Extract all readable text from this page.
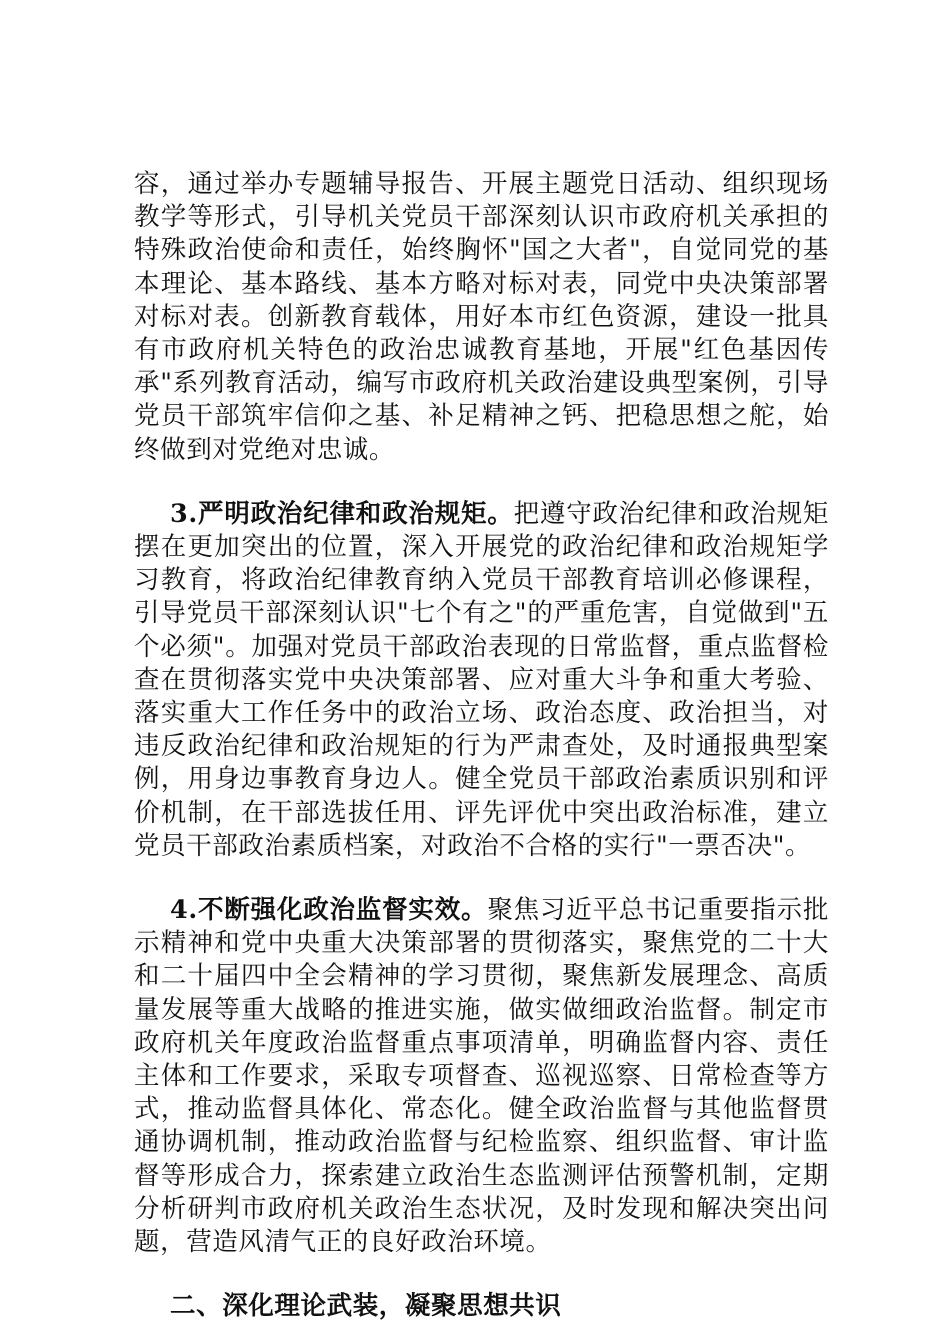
容，通过举办专题辅导报告、开展主题党日活动、组织现场教学等形式，引导机关党员干部深刻认识市政府机关承担的特殊政治使命和责任，始终胸怀"国之大者"，自觉同党的基本理论、基本路线、基本方略对标对表，同党中央决策部署对标对表。创新教育载体，用好本市红色资源，建设一批具有市政府机关特色的政治忠诚教育基地，开展"红色基因传承"系列教育活动，编写市政府机关政治建设典型案例，引导党员干部筑牢信仰之基、补足精神之钙、把稳思想之舵，始终做到对党绝对忠诚。

3.严明政治纪律和政治规矩。把遵守政治纪律和政治规矩摆在更加突出的位置，深入开展党的政治纪律和政治规矩学习教育，将政治纪律教育纳入党员干部教育培训必修课程，引导党员干部深刻认识"七个有之"的严重危害，自觉做到"五个必须"。加强对党员干部政治表现的日常监督，重点监督检查在贯彻落实党中央决策部署、应对重大斗争和重大考验、落实重大工作任务中的政治立场、政治态度、政治担当，对违反政治纪律和政治规矩的行为严肃查处，及时通报典型案例，用身边事教育身边人。健全党员干部政治素质识别和评价机制，在干部选拔任用、评先评优中突出政治标准，建立党员干部政治素质档案，对政治不合格的实行"一票否决"。

4.不断强化政治监督实效。聚焦习近平总书记重要指示批示精神和党中央重大决策部署的贯彻落实，聚焦党的二十大和二十届四中全会精神的学习贯彻，聚焦新发展理念、高质量发展等重大战略的推进实施，做实做细政治监督。制定市政府机关年度政治监督重点事项清单，明确监督内容、责任主体和工作要求，采取专项督查、巡视巡察、日常检查等方式，推动监督具体化、常态化。健全政治监督与其他监督贯通协调机制，推动政治监督与纪检监察、组织监督、审计监督等形成合力，探索建立政治生态监测评估预警机制，定期分析研判市政府机关政治生态状况，及时发现和解决突出问题，营造风清气正的良好政治环境。

二、深化理论武装，凝聚思想共识
